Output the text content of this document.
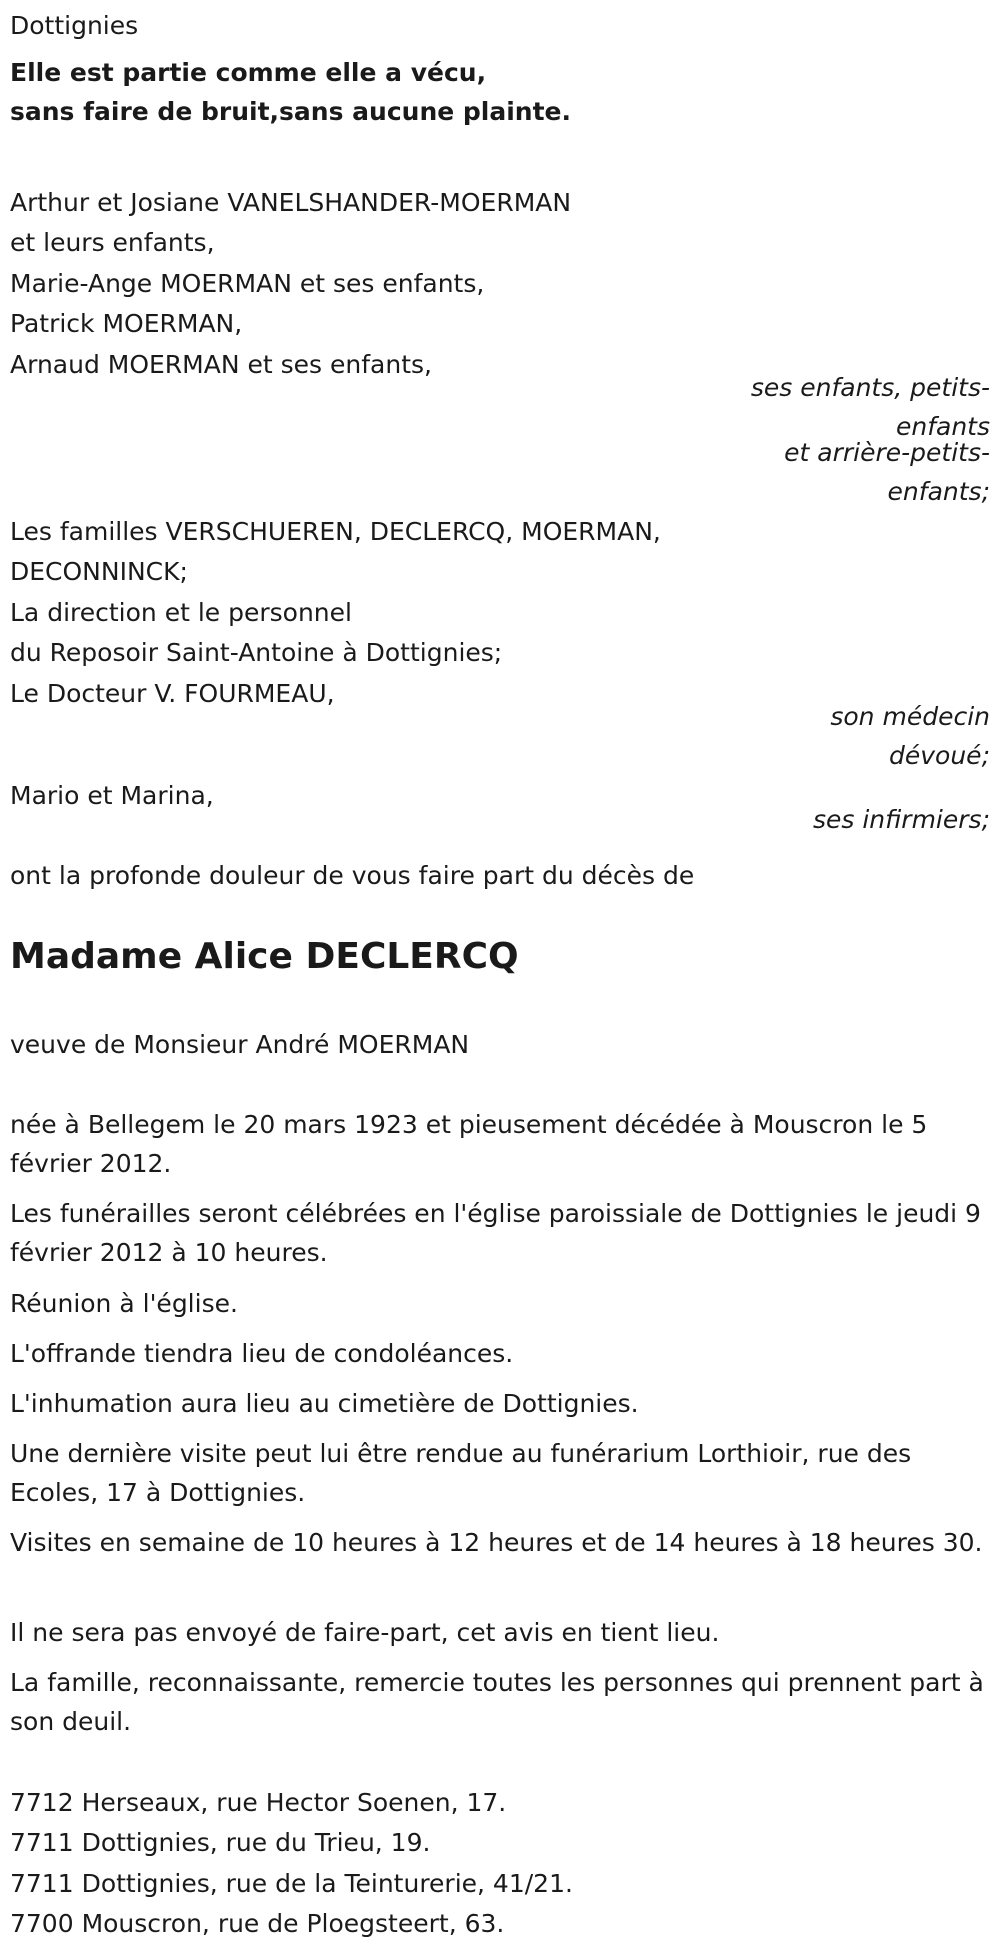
Dottignies
Elle est partie comme elle a vécu,
sans faire de bruit,sans aucune plainte.
Arthur et Josiane VANELSHANDER-MOERMAN
et leurs enfants,
Marie-Ange MOERMAN et ses enfants,
Patrick MOERMAN,
Arnaud MOERMAN et ses enfants,
ses enfants, petits-enfants
et arrière-petits-enfants;
Les familles VERSCHUEREN, DECLERCQ, MOERMAN,
DECONNINCK;
La direction et le personnel
du Reposoir Saint-Antoine à Dottignies;
Le Docteur V. FOURMEAU,
son médecin dévoué;
Mario et Marina,
ses infirmiers;
ont la profonde douleur de vous faire part du décès de
Madame Alice DECLERCQ
veuve de Monsieur André MOERMAN

née à Bellegem le 20 mars 1923 et pieusement décédée à Mouscron le 5 février 2012.

Les funérailles seront célébrées en l'église paroissiale de Dottignies le jeudi 9 février 2012 à 10 heures.

Réunion à l'église.

L'offrande tiendra lieu de condoléances.

L'inhumation aura lieu au cimetière de Dottignies.

Une dernière visite peut lui être rendue au funérarium Lorthioir, rue des Ecoles, 17 à Dottignies.

Visites en semaine de 10 heures à 12 heures et de 14 heures à 18 heures 30.

Il ne sera pas envoyé de faire-part, cet avis en tient lieu.

La famille, reconnaissante, remercie toutes les personnes qui prennent part à son deuil.

7712 Herseaux, rue Hector Soenen, 17.
7711 Dottignies, rue du Trieu, 19.
7711 Dottignies, rue de la Teinturerie, 41/21.
7700 Mouscron, rue de Ploegsteert, 63.
